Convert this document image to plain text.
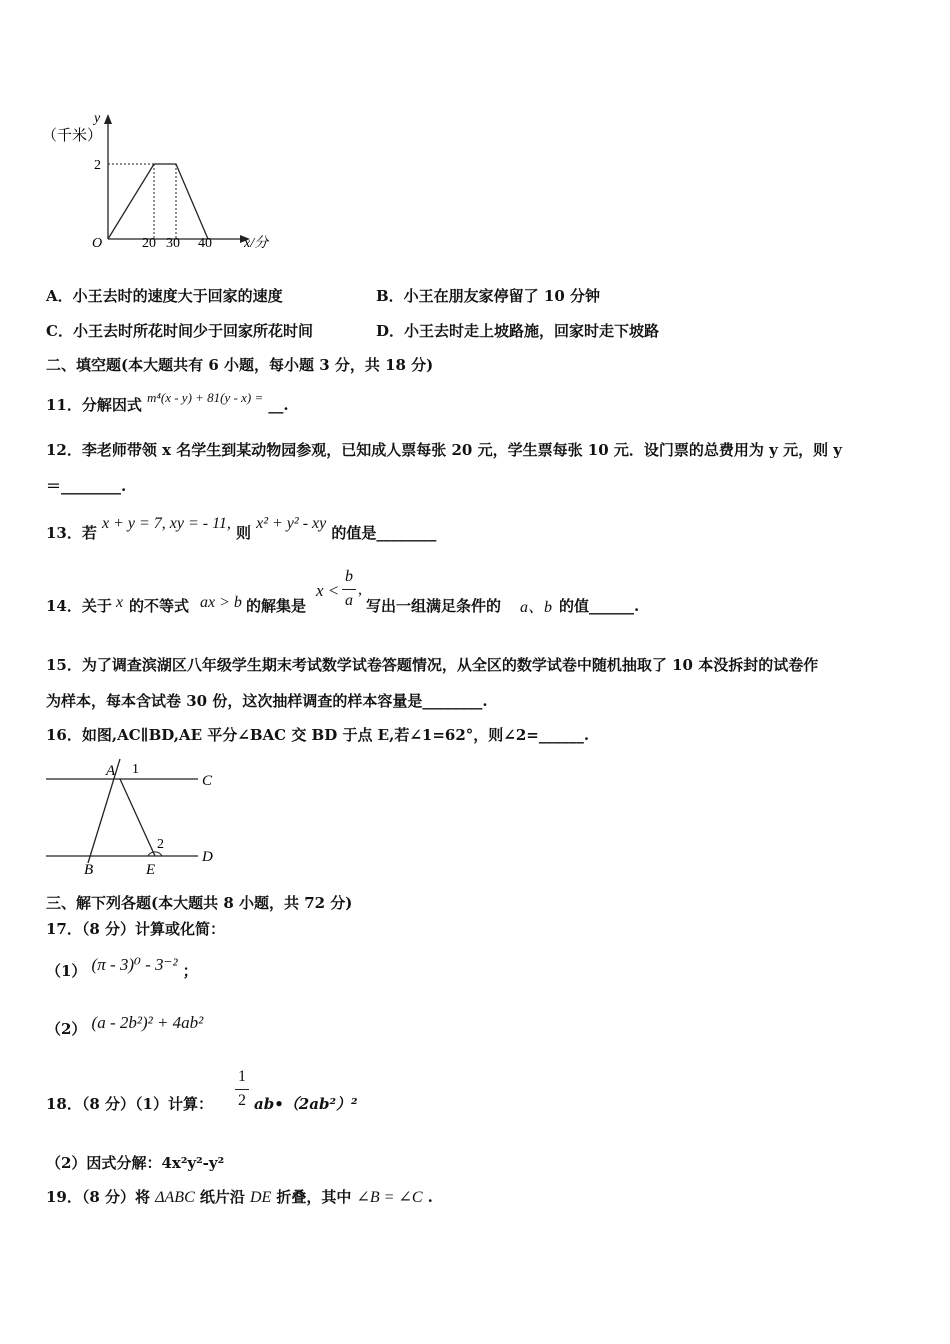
（千米）
y
2
O	20 30 40 x/分
A．小王去时的速度大于回家的速度	B．小王在朋友家停留了 10 分钟
C．小王去时所花时间少于回家所花时间	D．小王去时走上坡路施，回家时走下坡路
二、填空题(本大题共有 6 小题，每小题 3 分，共 18 分)
11．分解因式 m⁴(x - y) + 81(y - x) = __.
12．李老师带领 x 名学生到某动物园参观，已知成人票每张 20 元，学生票每张 10 元．设门票的总费用为 y 元，则 y
＝________.
13．若 x + y = 7, xy = - 11, 则 x² + y² - xy 的值是________
14．关于 x 的不等式 ax > b 的解集是
x <
b
a
,
写出一组满足条件的 a、b 的值______.
15．为了调查滨湖区八年级学生期末考试数学试卷答题情况，从全区的数学试卷中随机抽取了 10 本没拆封的试卷作
为样本，每本含试卷 30 份，这次抽样调查的样本容量是________.
16．如图,AC∥BD,AE 平分∠BAC 交 BD 于点 E,若∠1=62°，则∠2=______.
A 1
C
2
B	E
D
三、解下列各题(本大题共 8 小题，共 72 分)
17．（8 分）计算或化简：
（1） (π - 3)⁰ - 3⁻² ；
（2） (a - 2b²)² + 4ab²
18．（8 分）（1）计算：
1
2 ab•（2ab²）²
（2）因式分解：4x²y²-y²
19．（8 分）将 ΔABC 纸片沿 DE 折叠，其中 ∠B = ∠C .
